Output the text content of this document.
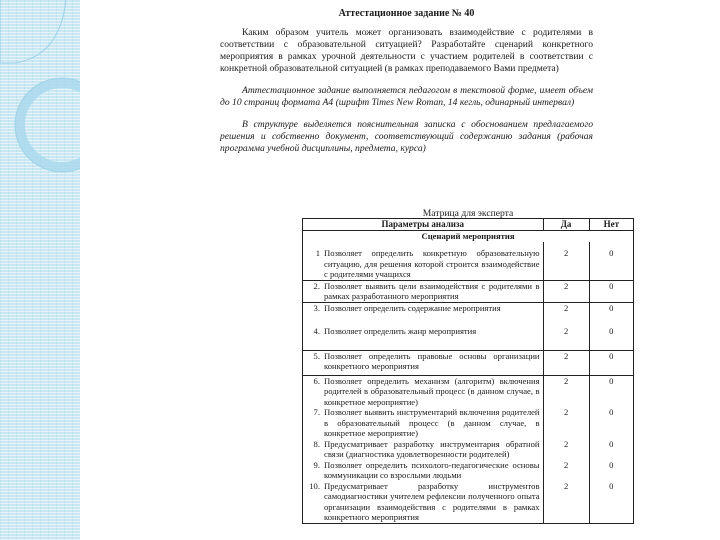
Аттестационное задание № 40

Каким образом учитель может организовать взаимодействие с родителями в соответствии с образовательной ситуацией? Разработайте сценарий конкретного мероприятия в рамках урочной деятельности с участием родителей в соответствии с конкретной образовательной ситуацией (в рамках преподаваемого Вами предмета)

Аттестационное задание выполняется педагогом в текстовой форме, имеет объем до 10 страниц формата А4 (шрифт Times New Roman, 14 кегль, одинарный интервал)

В структуре выделяется пояснительная записка с обоснованием предлагаемого решения и собственно документ, соответствующий содержанию задания (рабочая программа учебной дисциплины, предмета, курса)

Матрица для эксперта
Параметры анализа	Да	Нет
Сценарий мероприятия		

1 Позволяет определить конкретную образовательную ситуацию, для решения которой строится взаимодействие с родителями учащихся	2	0

2. Позволяет выявить цели взаимодействия с родителями в рамках разработанного мероприятия	2	0

3. Позволяет определить содержание мероприятия	2	0

4. Позволяет определить жанр мероприятия	2	0

5. Позволяет определить правовые основы организации конкретного мероприятия	2	0

6. Позволяет определить механизм (алгоритм) включения родителей в образовательный процесс (в данном случае, в конкретное мероприятие)	2	0

7. Позволяет выявить инструментарий включения родителей в образовательный процесс (в данном случае, в конкретное мероприятие)	2	0

8. Предусматривает разработку инструментария обратной связи (диагностика удовлетворенности родителей)	2	0

9. Позволяет определить психолого-педагогические основы коммуникации со взрослыми людьми	2	0

10. Предусматривает разработку инструментов самодиагностики учителем рефлексии полученного опыта организации взаимодействия с родителями в рамках конкретного мероприятия	2	0
